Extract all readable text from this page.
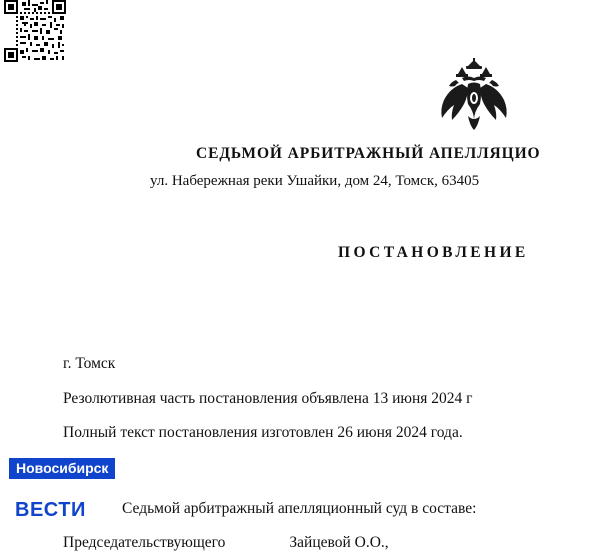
СЕДЬМОЙ АРБИТРАЖНЫЙ АПЕЛЛЯЦИО
ул. Набережная реки Ушайки, дом 24, Томск, 63405
ПОСТАНОВЛЕНИЕ
г. Томск
Резолютивная часть постановления объявлена 13 июня 2024 г
Полный текст постановления изготовлен 26 июня 2024 года.
Седьмой арбитражный апелляционный суд в составе:
Председательствующего	Зайцевой О.О.,
Новосибирск
ВЕСТИ
